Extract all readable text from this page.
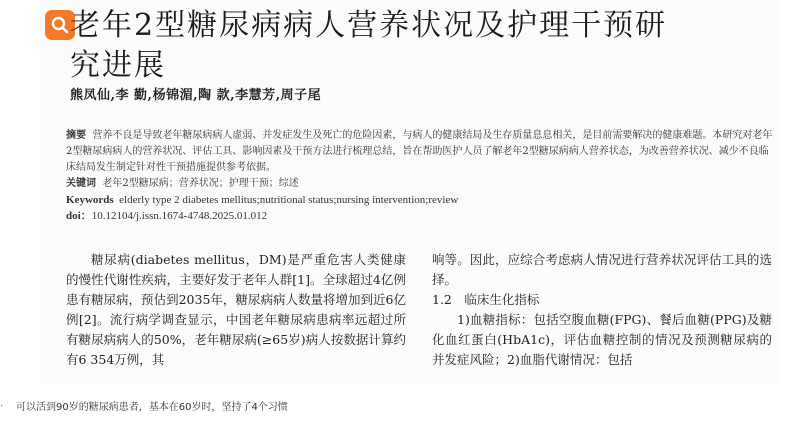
老年2型糖尿病病人营养状况及护理干预研究进展
熊凤仙,李 勤,杨锦湄,陶 款,李慧芳,周子尾
摘要 营养不良是导致老年糖尿病病人虚弱、并发症发生及死亡的危险因素，与病人的健康结局及生存质量息息相关，是目前需要解决的健康难题。本研究对老年2型糖尿病病人的营养状况、评估工具、影响因素及干预方法进行梳理总结，旨在帮助医护人员了解老年2型糖尿病病人营养状态，为改善营养状况、减少不良临床结局发生制定针对性干预措施提供参考依据。
关键词 老年2型糖尿病；营养状况；护理干预；综述
Keywords elderly type 2 diabetes mellitus;nutritional status;nursing intervention;review
doi：10.12104/j.issn.1674-4748.2025.01.012

糖尿病(diabetes mellitus，DM)是严重危害人类健康的慢性代谢性疾病，主要好发于老年人群[1]。全球超过4亿例患有糖尿病，预估到2035年，糖尿病病人数量将增加到近6亿例[2]。流行病学调查显示，中国老年糖尿病患病率远超过所有糖尿病病人的50%，老年糖尿病(≥65岁)病人按数据计算约有6 354万例，其

响等。因此，应综合考虑病人情况进行营养状况评估工具的选择。

1.2　临床生化指标

1)血糖指标：包括空腹血糖(FPG)、餐后血糖(PPG)及糖化血红蛋白(HbA1c)，评估血糖控制的情况及预测糖尿病的并发症风险；2)血脂代谢情况：包括

. 可以活到90岁的糖尿病患者，基本在60岁时，坚持了4个习惯
